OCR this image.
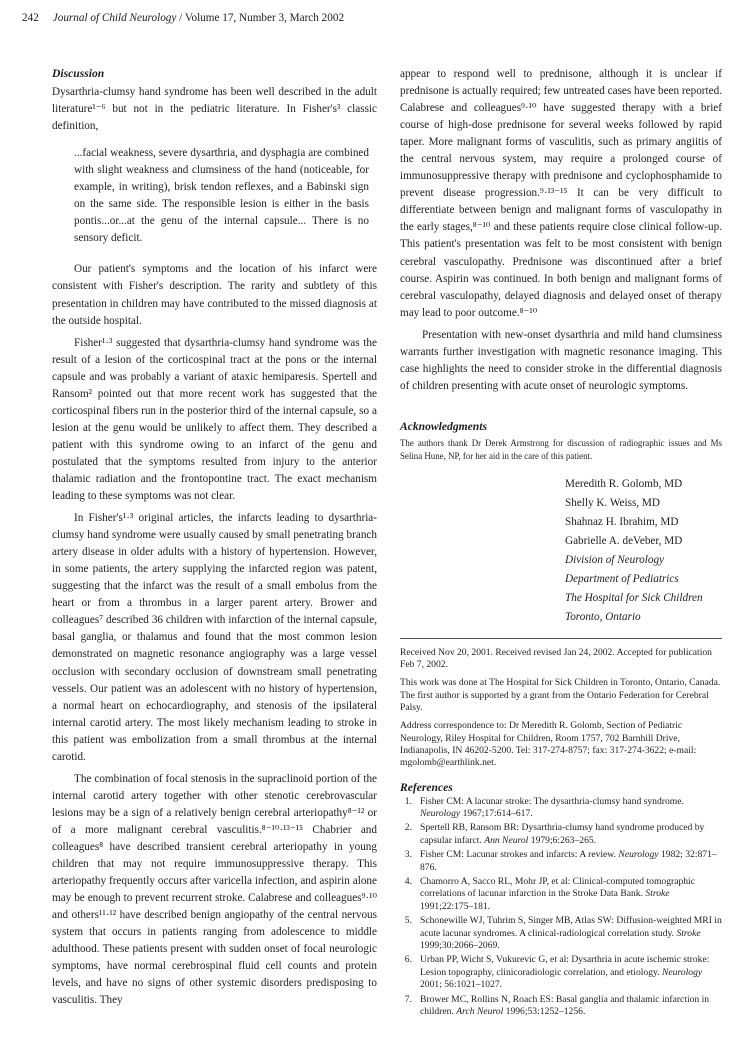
242 Journal of Child Neurology / Volume 17, Number 3, March 2002

Discussion

Dysarthria-clumsy hand syndrome has been well described in the adult literature¹⁻⁶ but not in the pediatric literature. In Fisher's³ classic definition,

...facial weakness, severe dysarthria, and dysphagia are combined with slight weakness and clumsiness of the hand (noticeable, for example, in writing), brisk tendon reflexes, and a Babinski sign on the same side. The responsible lesion is either in the basis pontis...or...at the genu of the internal capsule... There is no sensory deficit.

Our patient's symptoms and the location of his infarct were consistent with Fisher's description. The rarity and subtlety of this presentation in children may have contributed to the missed diagnosis at the outside hospital.

Fisher¹·³ suggested that dysarthria-clumsy hand syndrome was the result of a lesion of the corticospinal tract at the pons or the internal capsule and was probably a variant of ataxic hemiparesis. Spertell and Ransom² pointed out that more recent work has suggested that the corticospinal fibers run in the posterior third of the internal capsule, so a lesion at the genu would be unlikely to affect them. They described a patient with this syndrome owing to an infarct of the genu and postulated that the symptoms resulted from injury to the anterior thalamic radiation and the frontopontine tract. The exact mechanism leading to these symptoms was not clear.

In Fisher's¹·³ original articles, the infarcts leading to dysarthria-clumsy hand syndrome were usually caused by small penetrating branch artery disease in older adults with a history of hypertension. However, in some patients, the artery supplying the infarcted region was patent, suggesting that the infarct was the result of a small embolus from the heart or from a thrombus in a larger parent artery. Brower and colleagues⁷ described 36 children with infarction of the internal capsule, basal ganglia, or thalamus and found that the most common lesion demonstrated on magnetic resonance angiography was a large vessel occlusion with secondary occlusion of downstream small penetrating vessels. Our patient was an adolescent with no history of hypertension, a normal heart on echocardiography, and stenosis of the ipsilateral internal carotid artery. The most likely mechanism leading to stroke in this patient was embolization from a small thrombus at the internal carotid.

The combination of focal stenosis in the supraclinoid portion of the internal carotid artery together with other stenotic cerebrovascular lesions may be a sign of a relatively benign cerebral arteriopathy⁸⁻¹² or of a more malignant cerebral vasculitis.⁸⁻¹⁰·¹³⁻¹⁵ Chabrier and colleagues⁸ have described transient cerebral arteriopathy in young children that may not require immunosuppressive therapy. This arteriopathy frequently occurs after varicella infection, and aspirin alone may be enough to prevent recurrent stroke. Calabrese and colleagues⁹·¹⁰ and others¹¹·¹² have described benign angiopathy of the central nervous system that occurs in patients ranging from adolescence to middle adulthood. These patients present with sudden onset of focal neurologic symptoms, have normal cerebrospinal fluid cell counts and protein levels, and have no signs of other systemic disorders predisposing to vasculitis. They

appear to respond well to prednisone, although it is unclear if prednisone is actually required; few untreated cases have been reported. Calabrese and colleagues⁹·¹⁰ have suggested therapy with a brief course of high-dose prednisone for several weeks followed by rapid taper. More malignant forms of vasculitis, such as primary angiitis of the central nervous system, may require a prolonged course of immunosuppressive therapy with prednisone and cyclophosphamide to prevent disease progression.⁹·¹³⁻¹⁵ It can be very difficult to differentiate between benign and malignant forms of vasculopathy in the early stages,⁸⁻¹⁰ and these patients require close clinical follow-up. This patient's presentation was felt to be most consistent with benign cerebral vasculopathy. Prednisone was discontinued after a brief course. Aspirin was continued. In both benign and malignant forms of cerebral vasculopathy, delayed diagnosis and delayed onset of therapy may lead to poor outcome.⁸⁻¹⁰

Presentation with new-onset dysarthria and mild hand clumsiness warrants further investigation with magnetic resonance imaging. This case highlights the need to consider stroke in the differential diagnosis of children presenting with acute onset of neurologic symptoms.

Acknowledgments

The authors thank Dr Derek Armstrong for discussion of radiographic issues and Ms Selina Hune, NP, for her aid in the care of this patient.

Meredith R. Golomb, MD
Shelly K. Weiss, MD
Shahnaz H. Ibrahim, MD
Gabrielle A. deVeber, MD
Division of Neurology
Department of Pediatrics
The Hospital for Sick Children
Toronto, Ontario

Received Nov 20, 2001. Received revised Jan 24, 2002. Accepted for publication Feb 7, 2002.

This work was done at The Hospital for Sick Children in Toronto, Ontario, Canada. The first author is supported by a grant from the Ontario Federation for Cerebral Palsy.

Address correspondence to: Dr Meredith R. Golomb, Section of Pediatric Neurology, Riley Hospital for Children, Room 1757, 702 Barnhill Drive, Indianapolis, IN 46202-5200. Tel: 317-274-8757; fax: 317-274-3622; e-mail: mgolomb@earthlink.net.

References

1. Fisher CM: A lacunar stroke: The dysarthria-clumsy hand syndrome. Neurology 1967;17:614–617.
2. Spertell RB, Ransom BR: Dysarthria-clumsy hand syndrome produced by capsular infarct. Ann Neurol 1979;6:263–265.
3. Fisher CM: Lacunar strokes and infarcts: A review. Neurology 1982; 32:871–876.
4. Chamorro A, Sacco RL, Mohr JP, et al: Clinical-computed tomographic correlations of lacunar infarction in the Stroke Data Bank. Stroke 1991;22:175–181.
5. Schonewille WJ, Tuhrim S, Singer MB, Atlas SW: Diffusion-weighted MRI in acute lacunar syndromes. A clinical-radiological correlation study. Stroke 1999;30:2066–2069.
6. Urban PP, Wicht S, Vukurevic G, et al: Dysarthria in acute ischemic stroke: Lesion topography, clinicoradiologic correlation, and etiology. Neurology 2001; 56:1021–1027.
7. Brower MC, Rollins N, Roach ES: Basal ganglia and thalamic infarction in children. Arch Neurol 1996;53:1252–1256.
